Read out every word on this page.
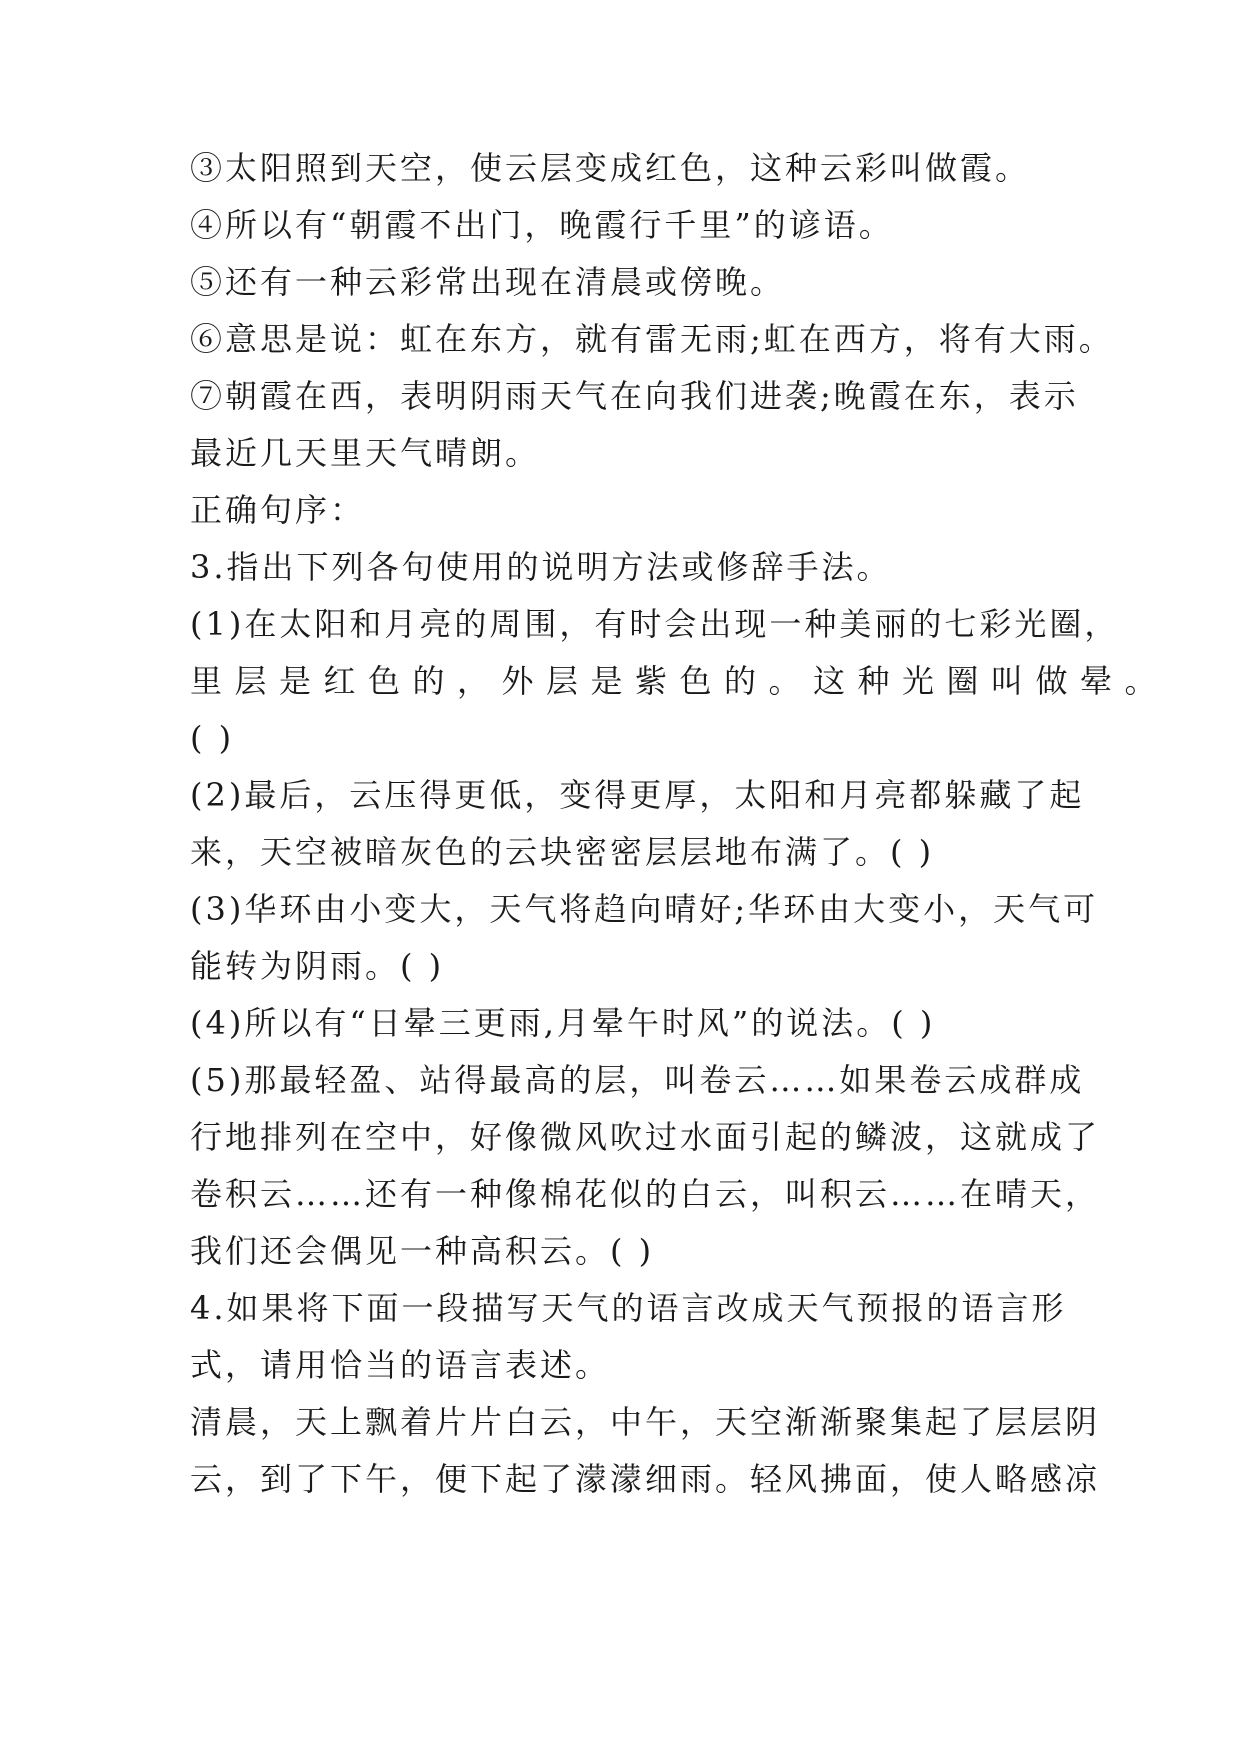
③太阳照到天空，使云层变成红色，这种云彩叫做霞。
④所以有“朝霞不出门，晚霞行千里”的谚语。
⑤还有一种云彩常出现在清晨或傍晚。
⑥意思是说：虹在东方，就有雷无雨;虹在西方，将有大雨。
⑦朝霞在西，表明阴雨天气在向我们进袭;晚霞在东，表示
最近几天里天气晴朗。
正确句序：
3.指出下列各句使用的说明方法或修辞手法。
(1)在太阳和月亮的周围，有时会出现一种美丽的七彩光圈，
里层是红色的，外层是紫色的。这种光圈叫做晕。
( )
(2)最后，云压得更低，变得更厚，太阳和月亮都躲藏了起
来，天空被暗灰色的云块密密层层地布满了。( )
(3)华环由小变大，天气将趋向晴好;华环由大变小，天气可
能转为阴雨。( )
(4)所以有“日晕三更雨,月晕午时风”的说法。( )
(5)那最轻盈、站得最高的层，叫卷云……如果卷云成群成
行地排列在空中，好像微风吹过水面引起的鳞波，这就成了
卷积云……还有一种像棉花似的白云，叫积云……在晴天，
我们还会偶见一种高积云。( )
4.如果将下面一段描写天气的语言改成天气预报的语言形
式，请用恰当的语言表述。
清晨，天上飘着片片白云，中午，天空渐渐聚集起了层层阴
云，到了下午，便下起了濛濛细雨。轻风拂面，使人略感凉
